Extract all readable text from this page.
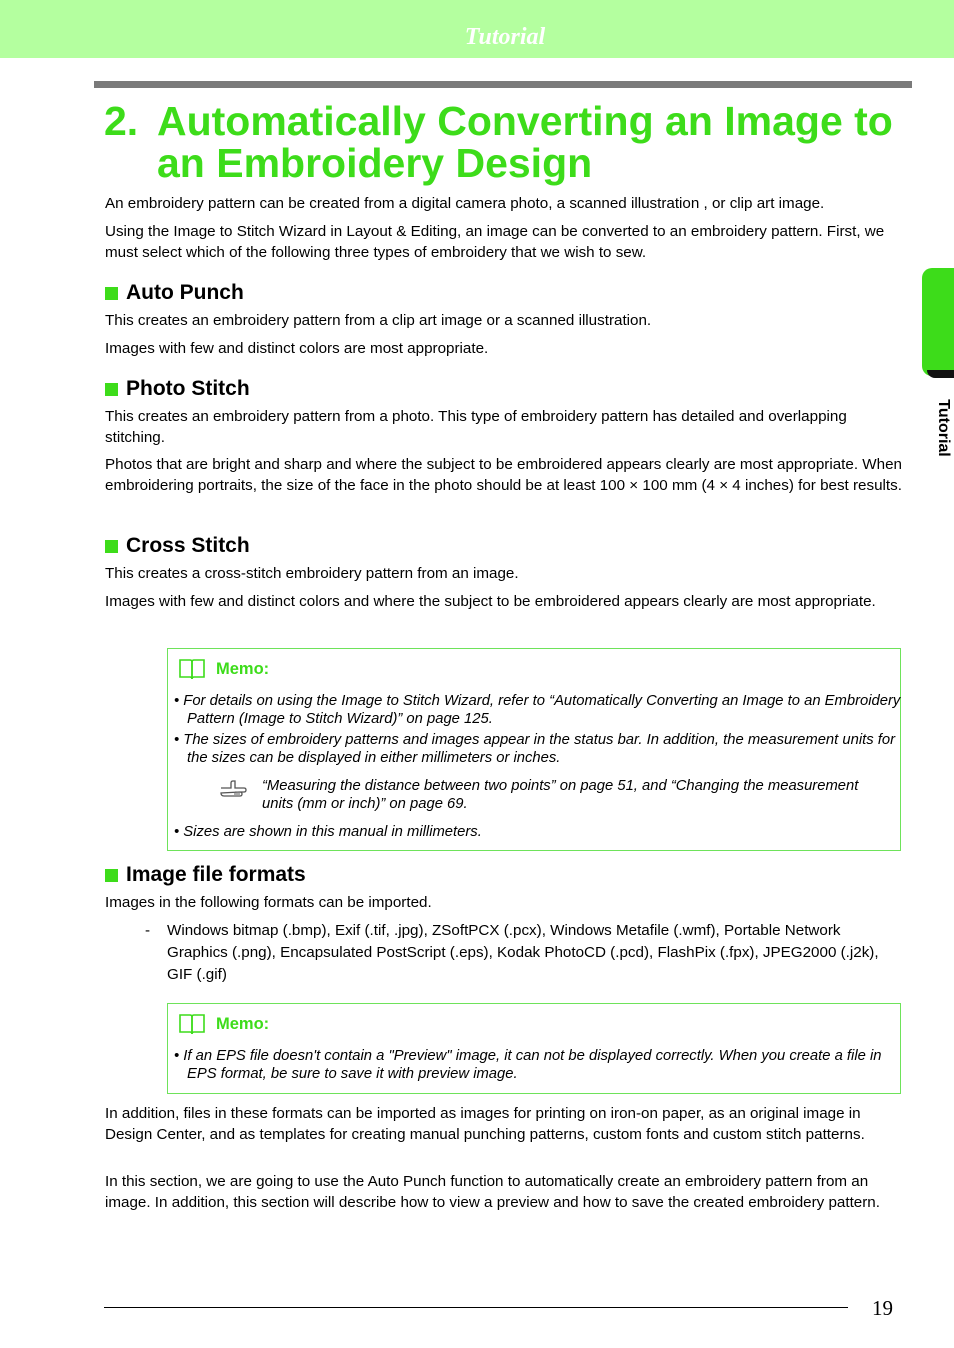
Tutorial
2. Automatically Converting an Image to an Embroidery Design
An embroidery pattern can be created from a digital camera photo, a scanned illustration , or clip art image.
Using the Image to Stitch Wizard in Layout & Editing, an image can be converted to an embroidery pattern. First, we must select which of the following three types of embroidery that we wish to sew.
Auto Punch
This creates an embroidery pattern from a clip art image or a scanned illustration.
Images with few and distinct colors are most appropriate.
Photo Stitch
This creates an embroidery pattern from a photo. This type of embroidery pattern has detailed and overlapping stitching.
Photos that are bright and sharp and where the subject to be embroidered appears clearly are most appropriate. When embroidering portraits, the size of the face in the photo should be at least 100 × 100 mm (4 × 4 inches) for best results.
Cross Stitch
This creates a cross-stitch embroidery pattern from an image.
Images with few and distinct colors and where the subject to be embroidered appears clearly are most appropriate.
Memo:
• For details on using the Image to Stitch Wizard, refer to “Automatically Converting an Image to an Embroidery Pattern (Image to Stitch Wizard)” on page 125.
• The sizes of embroidery patterns and images appear in the status bar. In addition, the measurement units for the sizes can be displayed in either millimeters or inches.
“Measuring the distance between two points” on page 51, and “Changing the measurement units (mm or inch)” on page 69.
• Sizes are shown in this manual in millimeters.
Image file formats
Images in the following formats can be imported.
- Windows bitmap (.bmp), Exif (.tif, .jpg), ZSoftPCX (.pcx), Windows Metafile (.wmf), Portable Network Graphics (.png), Encapsulated PostScript (.eps), Kodak PhotoCD (.pcd), FlashPix (.fpx), JPEG2000 (.j2k), GIF (.gif)
Memo:
• If an EPS file doesn't contain a "Preview" image, it can not be displayed correctly. When you create a file in EPS format, be sure to save it with preview image.
In addition, files in these formats can be imported as images for printing on iron-on paper, as an original image in Design Center, and as templates for creating manual punching patterns, custom fonts and custom stitch patterns.
In this section, we are going to use the Auto Punch function to automatically create an embroidery pattern from an image. In addition, this section will describe how to view a preview and how to save the created embroidery pattern.
Tutorial
19
